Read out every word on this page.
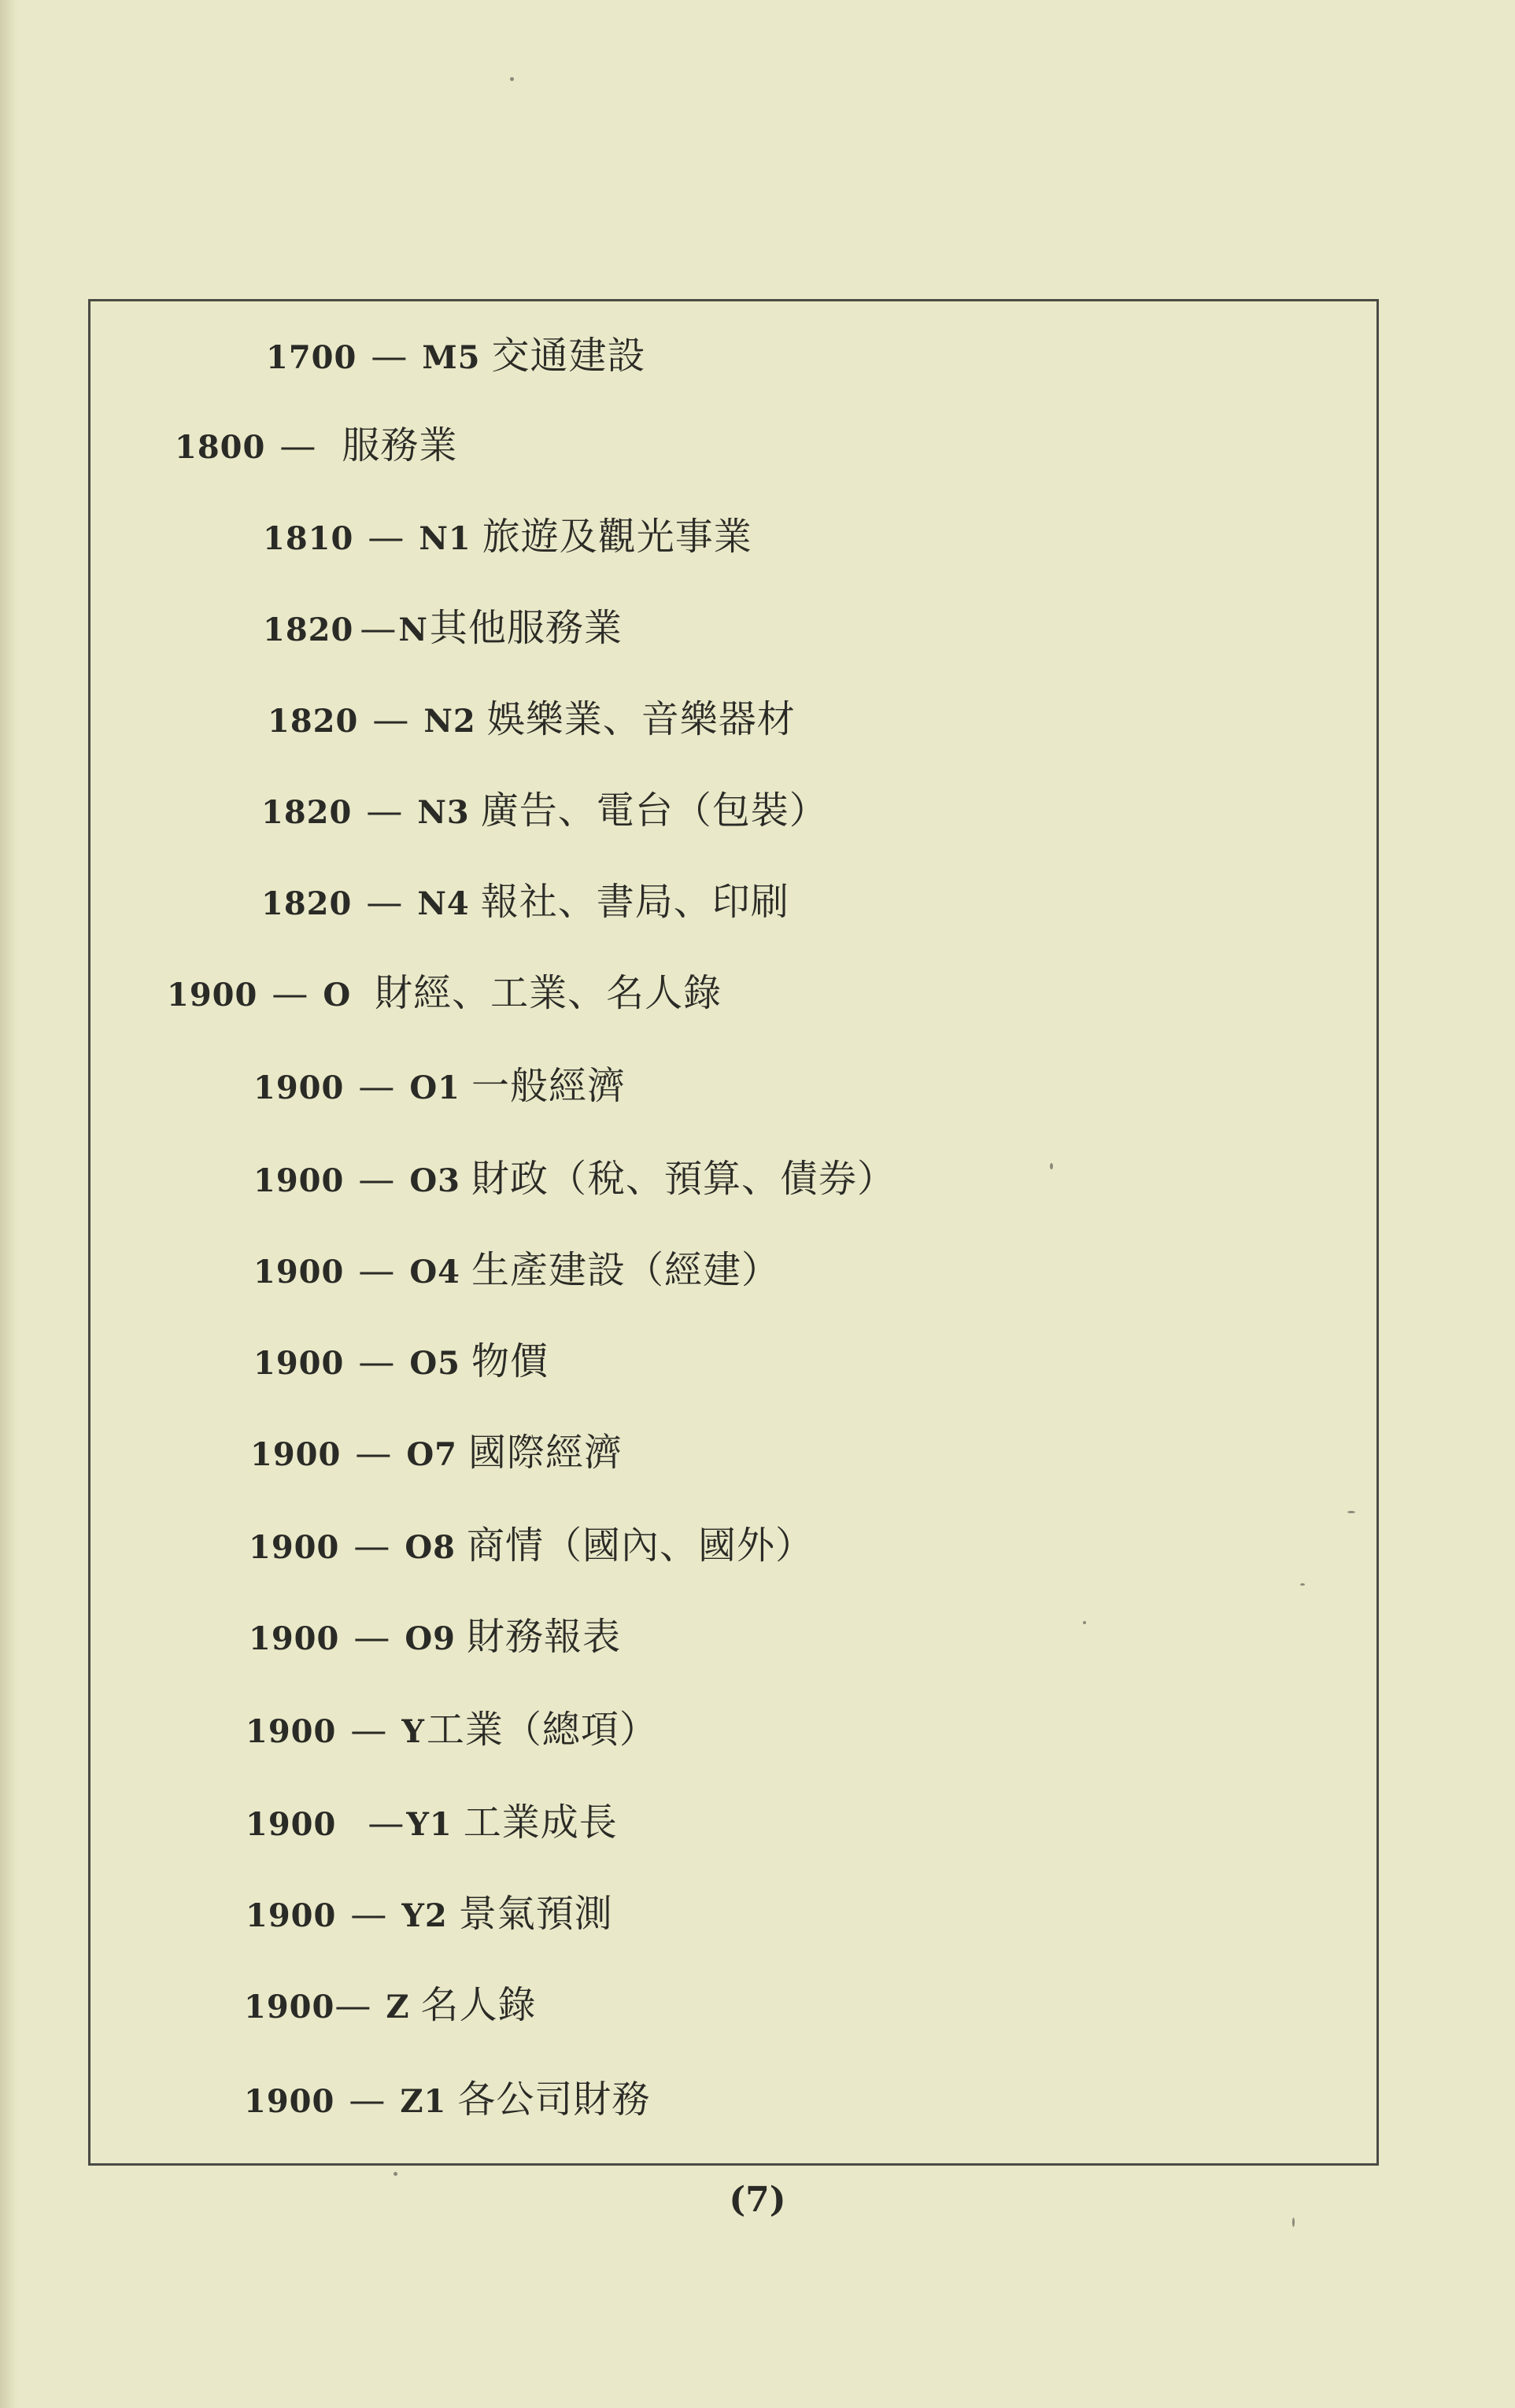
1700 — M5 交通建設
1800 — 服務業
1810 — N1 旅遊及觀光事業
1820 —N其他服務業
1820 — N2 娛樂業、音樂器材
1820 — N3 廣告、電台（包裝）
1820 — N4 報社、書局、印刷
1900 — O 財經、工業、名人錄
1900 — O1 一般經濟
1900 — O3 財政（稅、預算、債券）
1900 — O4 生產建設（經建）
1900 — O5 物價
1900 — O7 國際經濟
1900 — O8 商情（國內、國外）
1900 — O9 財務報表
1900 — Y工業（總項）
1900 —Y1 工業成長
1900 — Y2 景氣預測
1900— Z 名人錄
1900 — Z1 各公司財務
(7)
